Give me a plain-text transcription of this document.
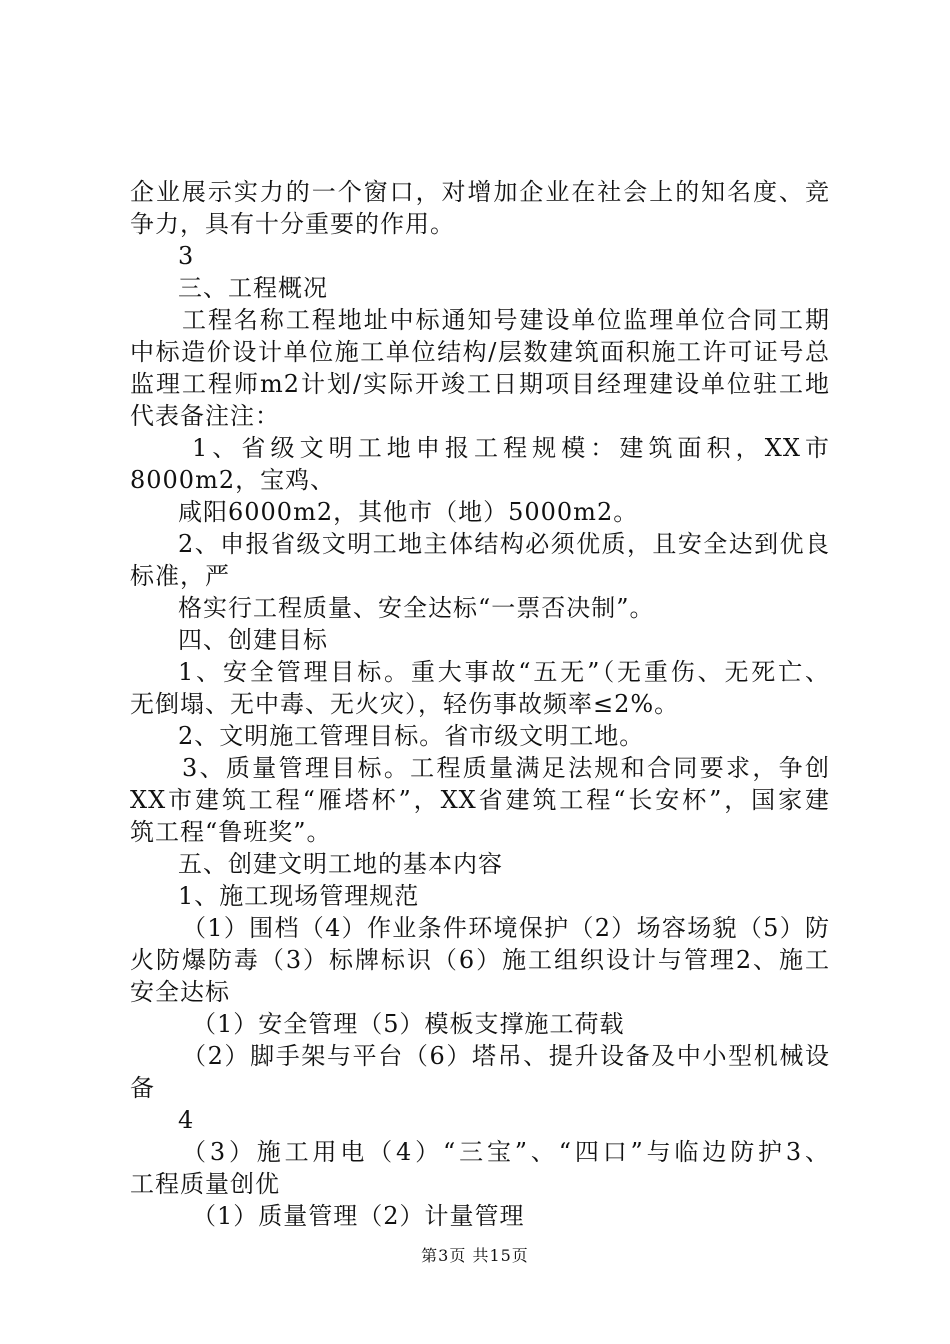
企业展示实力的一个窗口，对增加企业在社会上的知名度、竞
争力，具有十分重要的作用。
3
三、工程概况
工程名称工程地址中标通知号建设单位监理单位合同工期
中标造价设计单位施工单位结构/层数建筑面积施工许可证号总
监理工程师m2计划/实际开竣工日期项目经理建设单位驻工地
代表备注注：
1、省级文明工地申报工程规模：建筑面积，XX市
8000m2，宝鸡、
咸阳6000m2，其他市（地）5000m2。
2、申报省级文明工地主体结构必须优质，且安全达到优良
标准，严
格实行工程质量、安全达标“一票否决制”。
四、创建目标
1、安全管理目标。重大事故“五无”（无重伤、无死亡、
无倒塌、无中毒、无火灾），轻伤事故频率≤2%。
2、文明施工管理目标。省市级文明工地。
3、质量管理目标。工程质量满足法规和合同要求，争创
XX市建筑工程“雁塔杯”，XX省建筑工程“长安杯”，国家建
筑工程“鲁班奖”。
五、创建文明工地的基本内容
1、施工现场管理规范
（1）围档（4）作业条件环境保护（2）场容场貌（5）防
火防爆防毒（3）标牌标识（6）施工组织设计与管理2、施工
安全达标
（1）安全管理（5）模板支撑施工荷载
（2）脚手架与平台（6）塔吊、提升设备及中小型机械设
备
4
（3）施工用电（4）“三宝”、“四口”与临边防护3、
工程质量创优
（1）质量管理（2）计量管理
第3页 共15页
